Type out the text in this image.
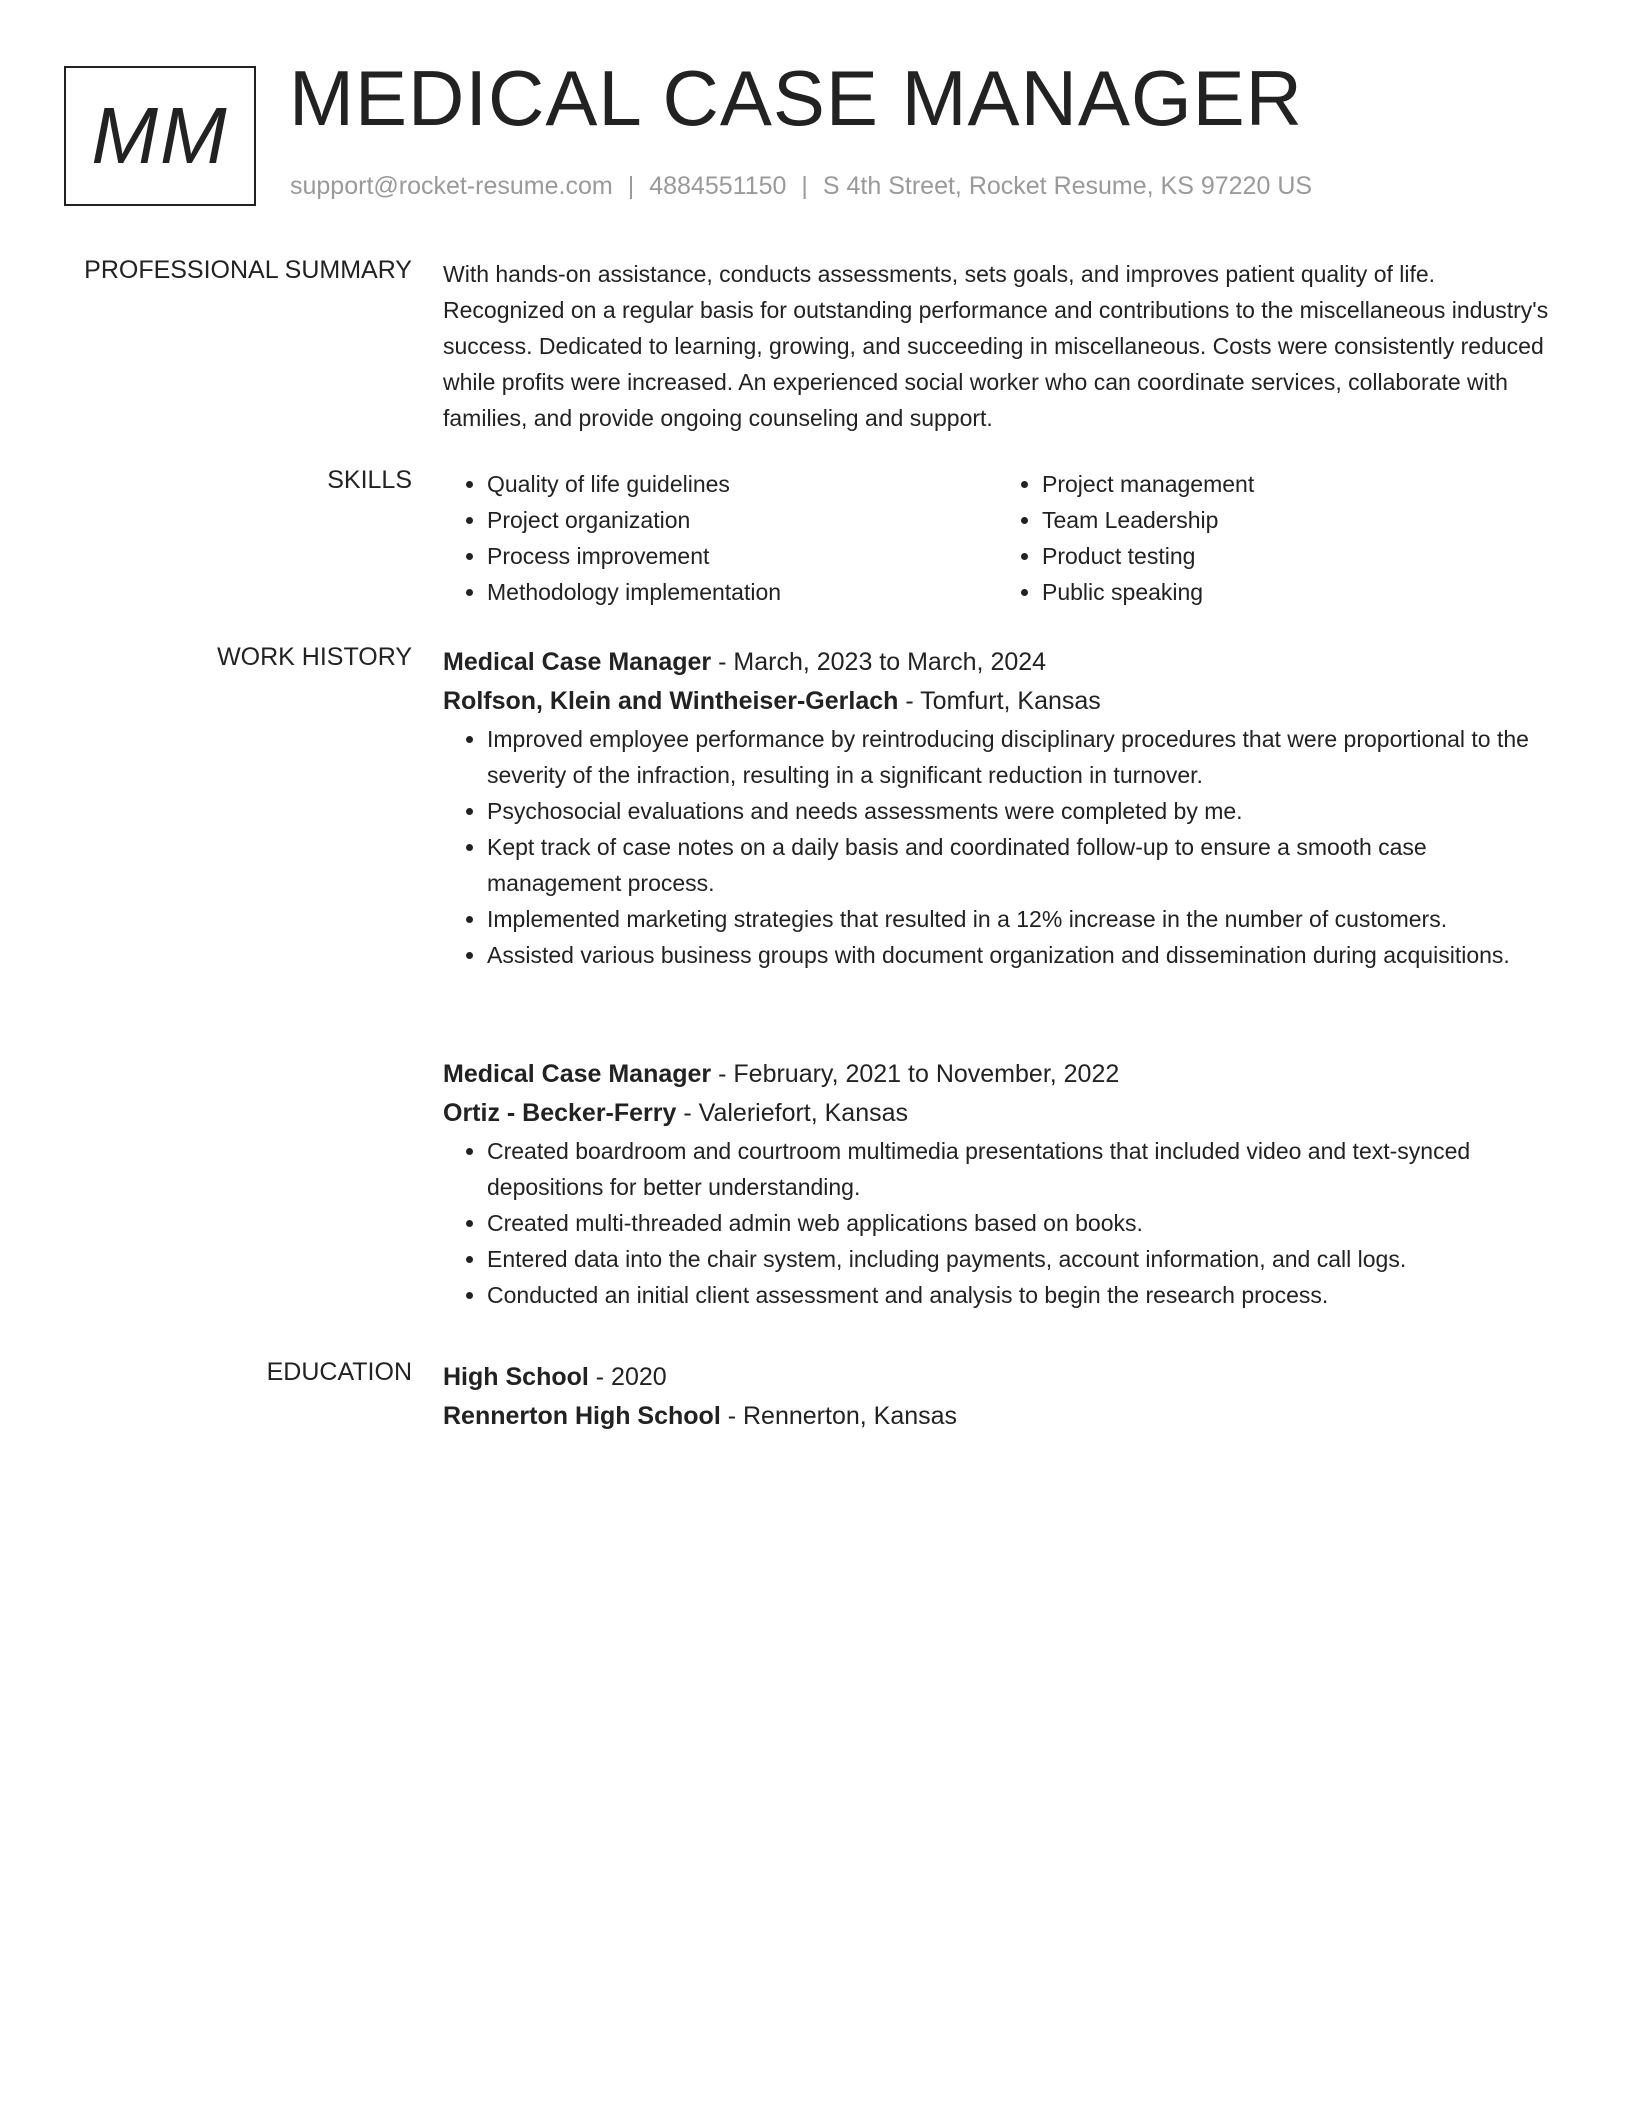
MM MEDICAL CASE MANAGER
support@rocket-resume.com | 4884551150 | S 4th Street, Rocket Resume, KS 97220 US
PROFESSIONAL SUMMARY With hands-on assistance, conducts assessments, sets goals, and improves patient quality of life. Recognized on a regular basis for outstanding performance and contributions to the miscellaneous industry's success. Dedicated to learning, growing, and succeeding in miscellaneous. Costs were consistently reduced while profits were increased. An experienced social worker who can coordinate services, collaborate with families, and provide ongoing counseling and support.

SKILLS
•	Quality of life guidelines
• Project organization
• Process improvement
• Methodology implementation
• Project management
• Team Leadership
• Product testing
• Public speaking
WORK HISTORY Medical Case Manager - March, 2023 to March, 2024
Rolfson, Klein and Wintheiser-Gerlach - Tomfurt, Kansas
• Improved employee performance by reintroducing disciplinary procedures that were proportional to the severity of the infraction, resulting in a significant reduction in turnover.
• Psychosocial evaluations and needs assessments were completed by me.
• Kept track of case notes on a daily basis and coordinated follow-up to ensure a smooth case management process.
• Implemented marketing strategies that resulted in a 12% increase in the number of customers.
• Assisted various business groups with document organization and dissemination during acquisitions.
Medical Case Manager - February, 2021 to November, 2022
Ortiz - Becker-Ferry - Valeriefort, Kansas
• Created boardroom and courtroom multimedia presentations that included video and text-synced depositions for better understanding.
• Created multi-threaded admin web applications based on books.
• Entered data into the chair system, including payments, account information, and call logs.
• Conducted an initial client assessment and analysis to begin the research process.
EDUCATION High School - 2020
Rennerton High School - Rennerton, Kansas
